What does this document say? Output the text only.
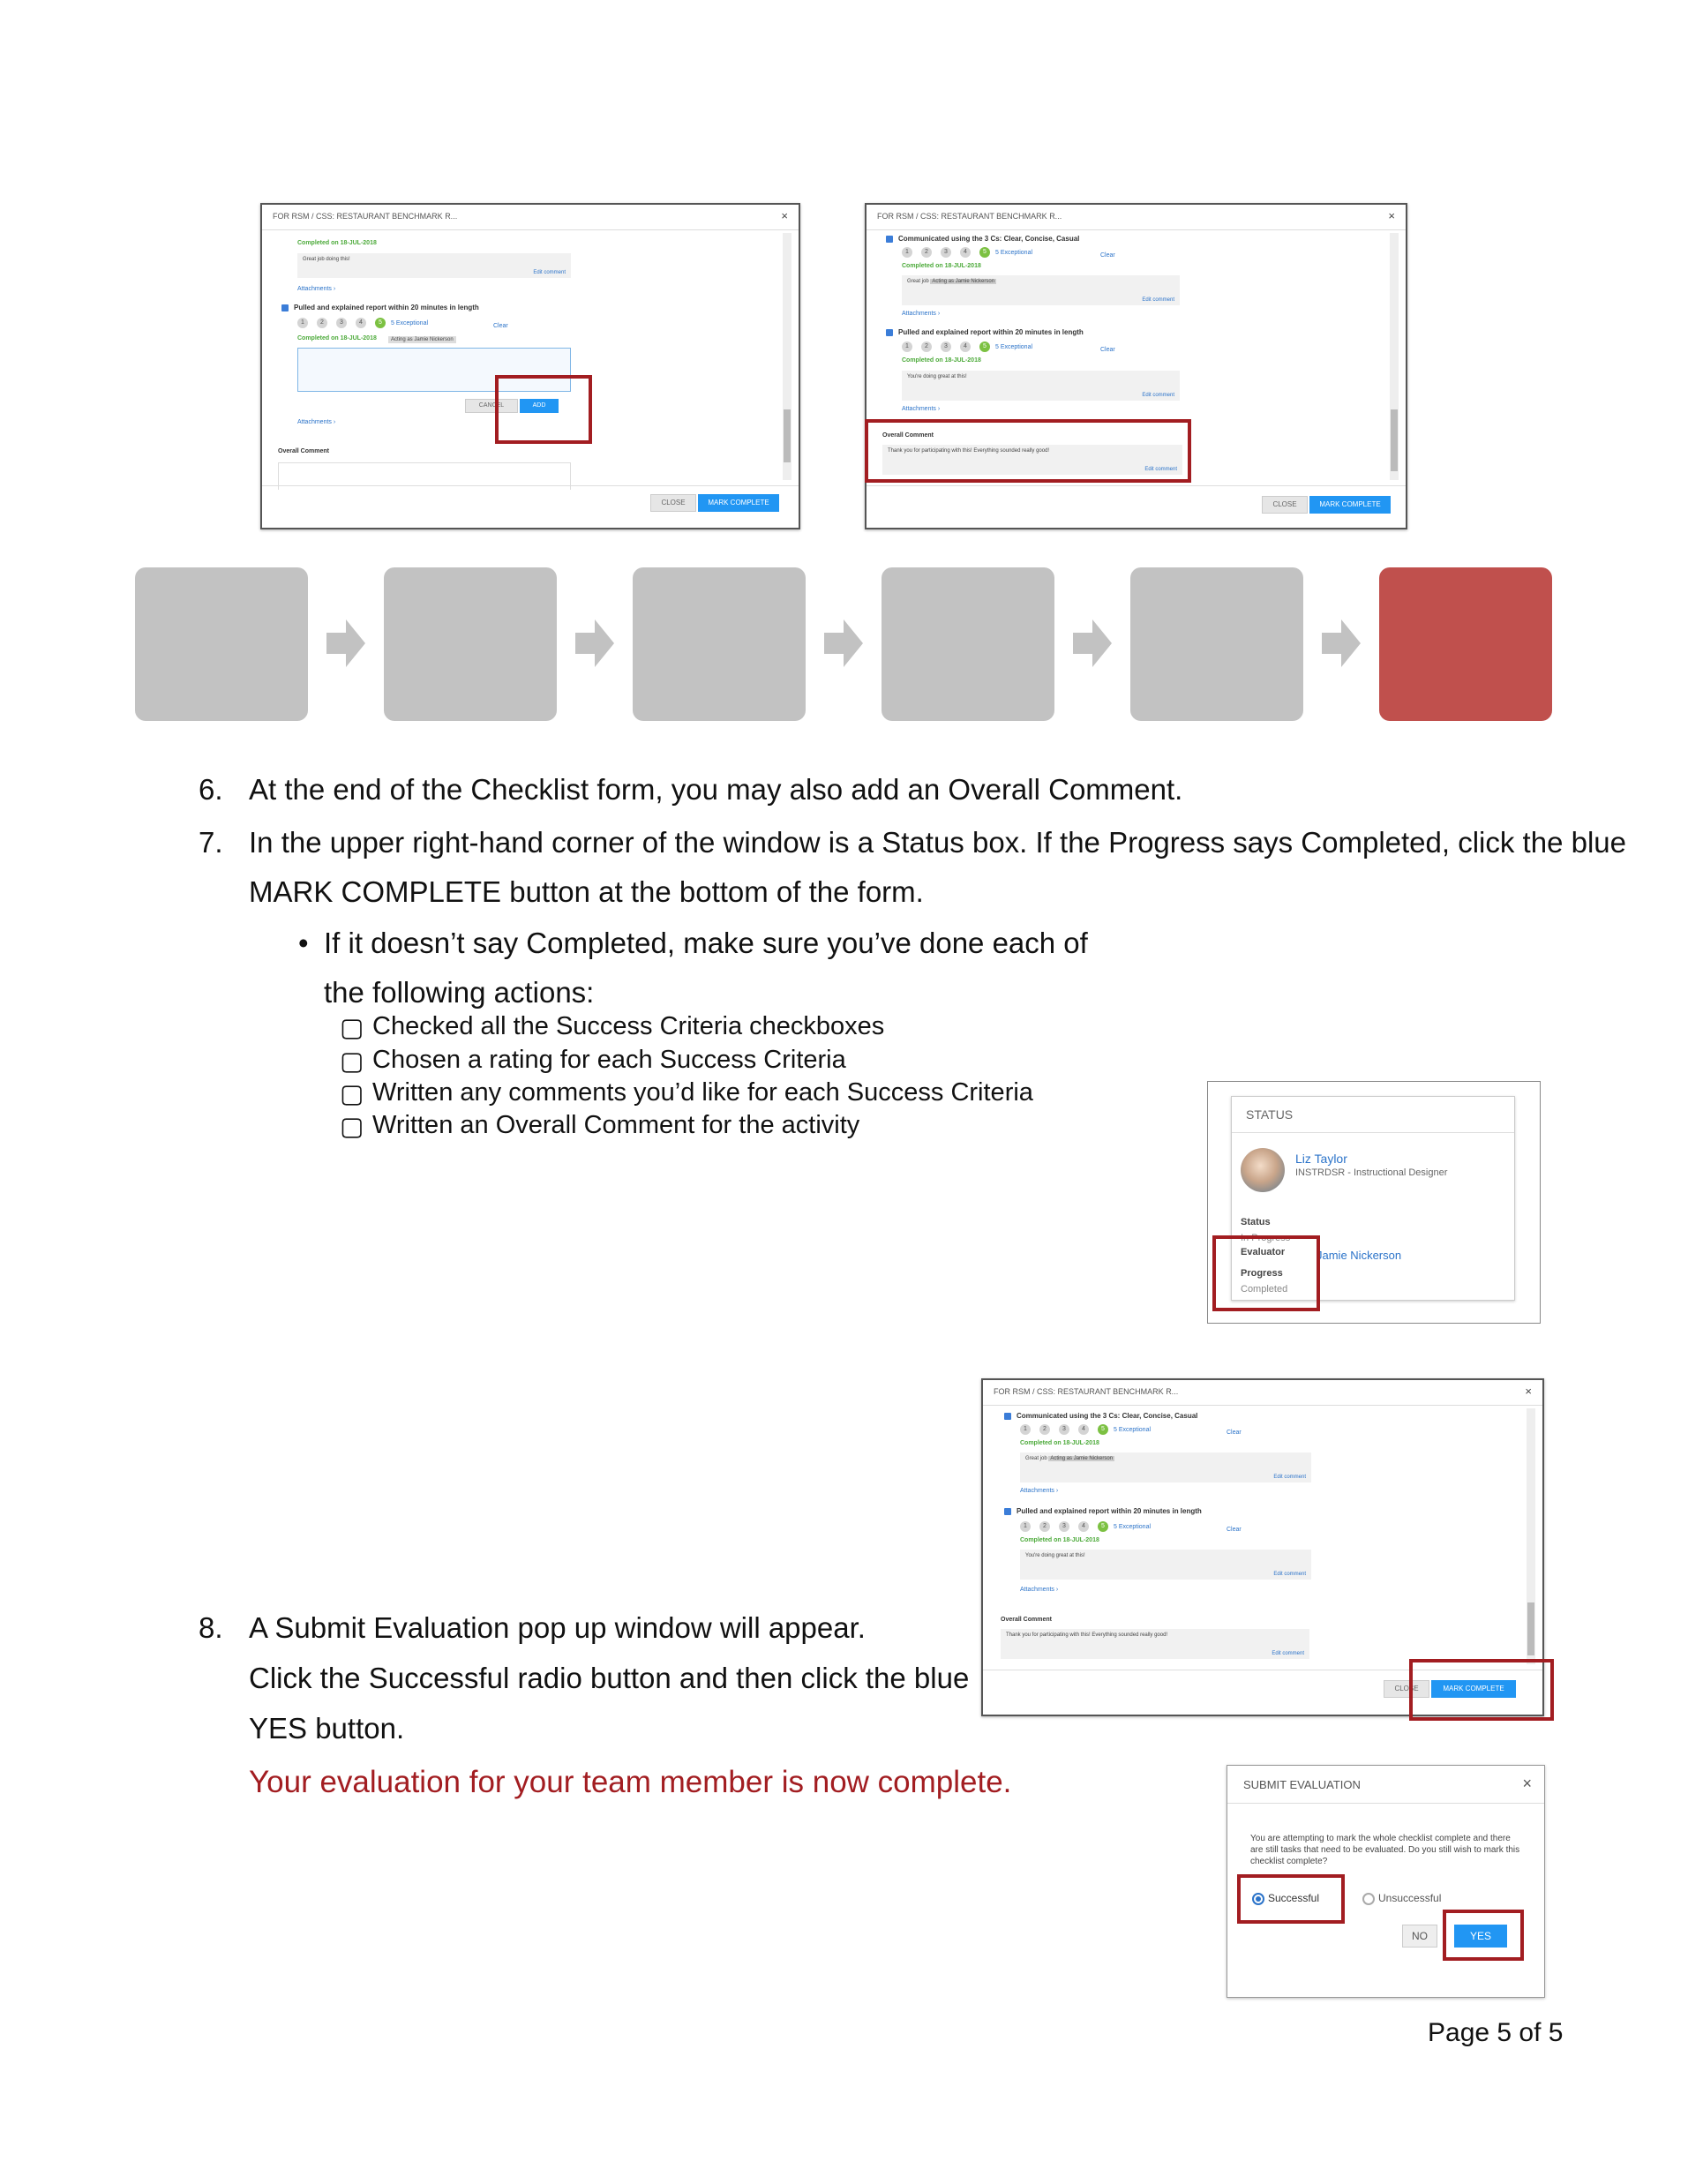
FOR RSM / CSS: RESTAURANT BENCHMARK R...	×
Completed on 18-JUL-2018
Great job doing this!
Edit comment
Attachments ›
Pulled and explained report within 20 minutes in length
1	2	3	4	5	5 Exceptional	Clear
Completed on 18-JUL-2018	Acting as Jamie Nickerson
CANCEL	ADD
Attachments ›
Overall Comment
CLOSE	MARK COMPLETE
FOR RSM / CSS: RESTAURANT BENCHMARK R...	×
Communicated using the 3 Cs: Clear, Concise, Casual
1	2	3	4	5	5 Exceptional	Clear
Completed on 18-JUL-2018
Great job Acting as Jamie Nickerson
Edit comment
Attachments ›
Pulled and explained report within 20 minutes in length
1	2	3	4	5	5 Exceptional	Clear
Completed on 18-JUL-2018
You're doing great at this!
Edit comment
Attachments ›
Overall Comment
Thank you for participating with this! Everything sounded really good!
Edit comment
CLOSE	MARK COMPLETE
6. At the end of the Checklist form, you may also add an Overall Comment.
7. In the upper right-hand corner of the window is a Status box. If the Progress says Completed, click the blue
MARK COMPLETE button at the bottom of the form.
• If it doesn’t say Completed, make sure you’ve done each of
the following actions:
▢ Checked all the Success Criteria checkboxes
▢ Chosen a rating for each Success Criteria
▢ Written any comments you’d like for each Success Criteria
▢ Written an Overall Comment for the activity	STATUS
Liz Taylor
INSTRDSR - Instructional Designer
Status
In Progress
Evaluator	Jamie Nickerson
Progress
Completed
FOR RSM / CSS: RESTAURANT BENCHMARK R...	×
Communicated using the 3 Cs: Clear, Concise, Casual
1	2	3	4	5	5 Exceptional	Clear
Completed on 18-JUL-2018
Great job Acting as Jamie Nickerson
Edit comment
Attachments ›
Pulled and explained report within 20 minutes in length
1	2	3	4	5	5 Exceptional	Clear
Completed on 18-JUL-2018
You're doing great at this!
Edit comment
Attachments ›
Overall Comment
Thank you for participating with this! Everything sounded really good!
Edit comment
CLOSE	MARK COMPLETE
8. A Submit Evaluation pop up window will appear.
Click the Successful radio button and then click the blue
YES button.
Your evaluation for your team member is now complete.	SUBMIT EVALUATION	×
You are attempting to mark the whole checklist complete and there are still tasks that need to be evaluated. Do you still wish to mark this checklist complete?
Successful	Unsuccessful
NO	YES
Page 5 of 5
